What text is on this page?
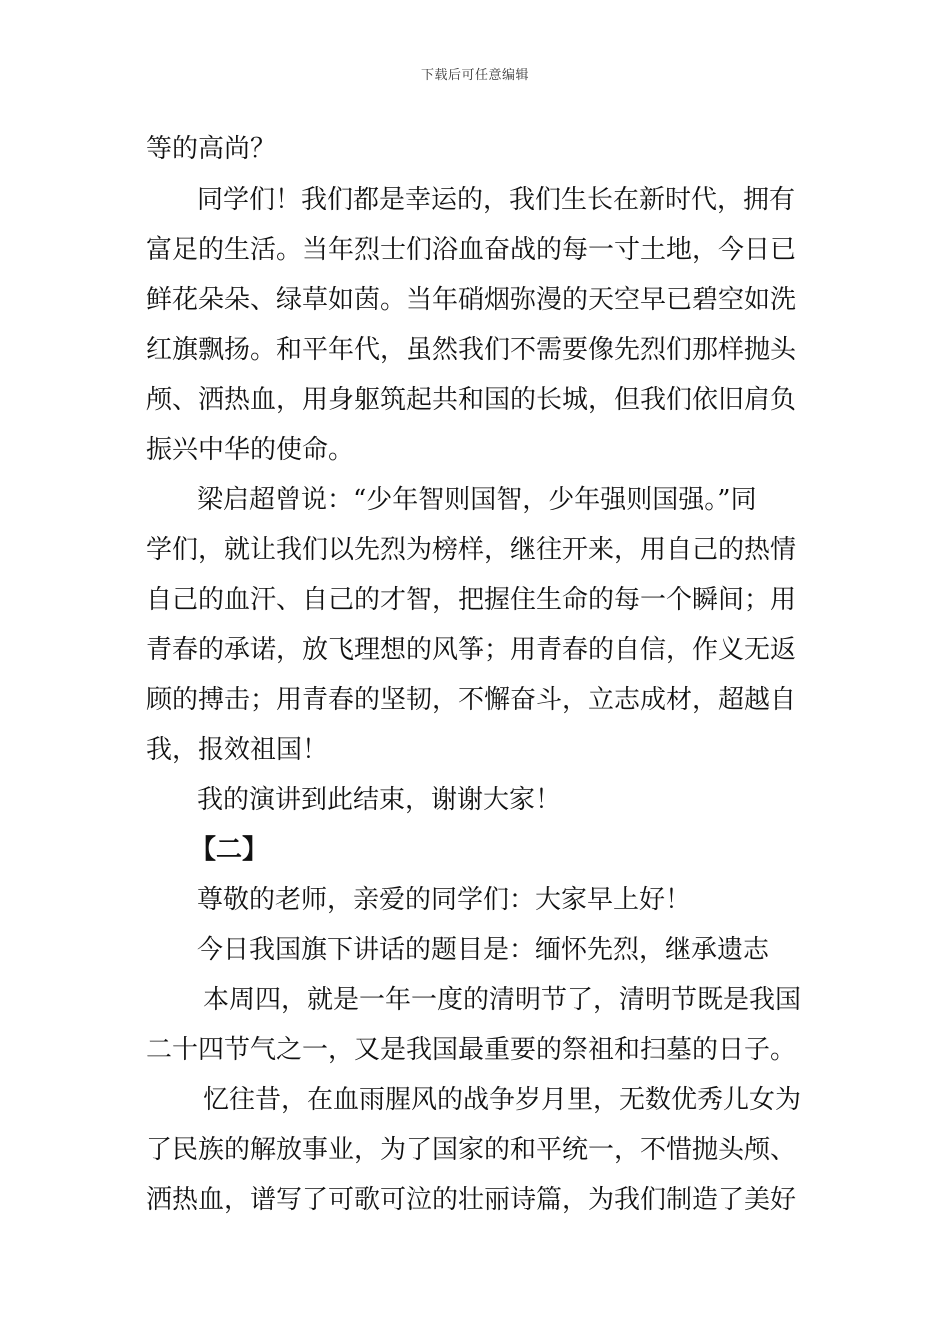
下载后可任意编辑
等的高尚？
同学们！我们都是幸运的，我们生长在新时代，拥有
富足的生活。当年烈士们浴血奋战的每一寸土地，今日已
鲜花朵朵、绿草如茵。当年硝烟弥漫的天空早已碧空如洗
红旗飘扬。和平年代，虽然我们不需要像先烈们那样抛头
颅、洒热血，用身躯筑起共和国的长城，但我们依旧肩负
振兴中华的使命。
梁启超曾说：“少年智则国智，少年强则国强。”同
学们，就让我们以先烈为榜样，继往开来，用自己的热情
自己的血汗、自己的才智，把握住生命的每一个瞬间；用
青春的承诺，放飞理想的风筝；用青春的自信，作义无返
顾的搏击；用青春的坚韧，不懈奋斗，立志成材，超越自
我，报效祖国！
我的演讲到此结束，谢谢大家！
【二】
尊敬的老师，亲爱的同学们：大家早上好！
今日我国旗下讲话的题目是：缅怀先烈，继承遗志
本周四，就是一年一度的清明节了，清明节既是我国
二十四节气之一，又是我国最重要的祭祖和扫墓的日子。
忆往昔，在血雨腥风的战争岁月里，无数优秀儿女为
了民族的解放事业，为了国家的和平统一，不惜抛头颅、
洒热血，谱写了可歌可泣的壮丽诗篇，为我们制造了美好
